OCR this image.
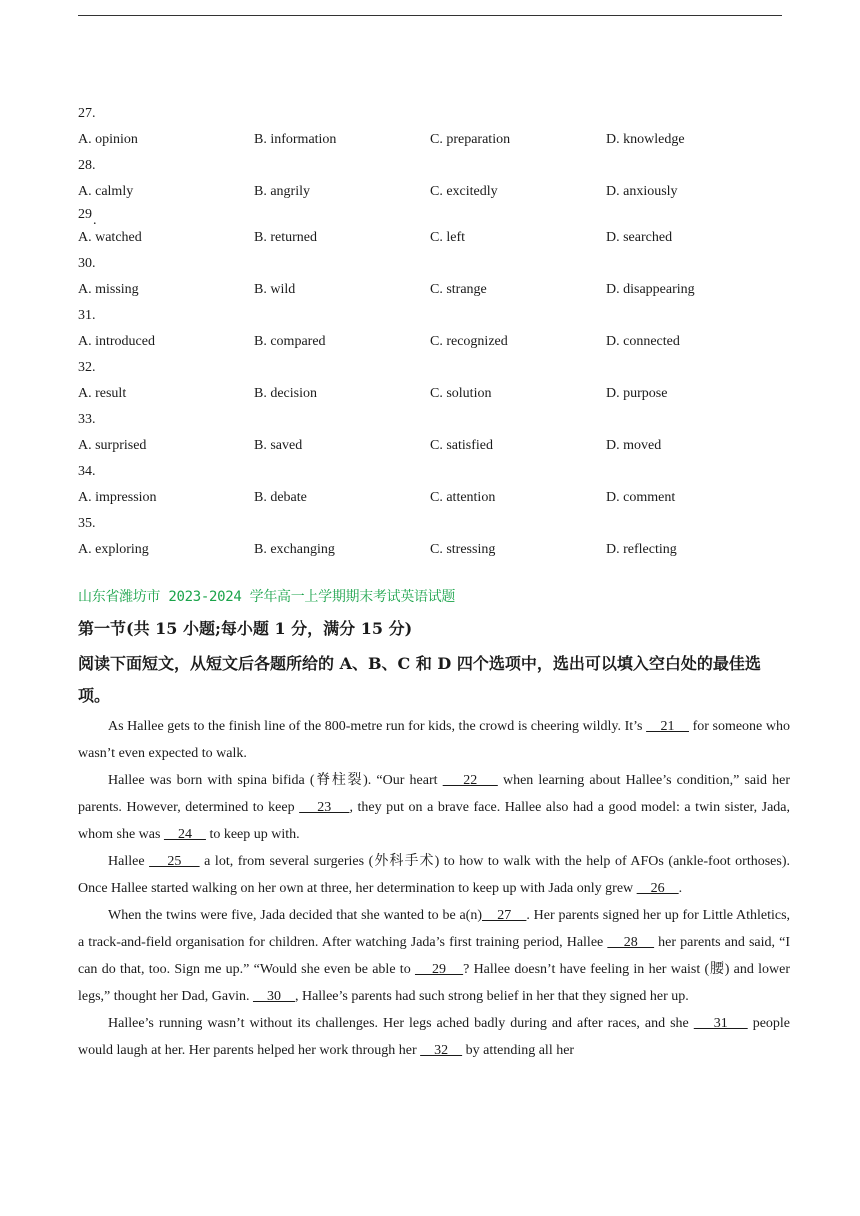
27.
A. opinion	B. information	C. preparation	D. knowledge
28.
A. calmly	B. angrily	C. excitedly	D. anxiously
29.
A. watched	B. returned	C. left	D. searched
30.
A. missing	B. wild	C. strange	D. disappearing
31.
A. introduced	B. compared	C. recognized	D. connected
32.
A. result	B. decision	C. solution	D. purpose
33.
A. surprised	B. saved	C. satisfied	D. moved
34.
A. impression	B. debate	C. attention	D. comment
35.
A. exploring	B. exchanging	C. stressing	D. reflecting
山东省潍坊市 2023-2024 学年高一上学期期末考试英语试题
第一节(共 15 小题;每小题 1 分，满分 15 分)
阅读下面短文，从短文后各题所给的 A、B、C 和 D 四个选项中，选出可以填入空白处的最佳选项。

As Hallee gets to the finish line of the 800-metre run for kids, the crowd is cheering wildly. It’s     21     for someone who wasn’t even expected to walk.

Hallee was born with spina bifida (脊柱裂). “Our heart     22     when learning about Hallee’s condition,” said her parents. However, determined to keep     23    , they put on a brave face. Hallee also had a good model: a twin sister, Jada, whom she was     24     to keep up with.

Hallee     25     a lot, from several surgeries (外科手术) to how to walk with the help of AFOs (ankle-foot orthoses). Once Hallee started walking on her own at three, her determination to keep up with Jada only grew     26    .

When the twins were five, Jada decided that she wanted to be a(n)    27    . Her parents signed her up for Little Athletics, a track-and-field organisation for children. After watching Jada’s first training period, Hallee     28     her parents and said, “I can do that, too. Sign me up.” “Would she even be able to     29    ? Hallee doesn’t have feeling in her waist (腰) and lower legs,” thought her Dad, Gavin.     30    , Hallee’s parents had such strong belief in her that they signed her up.

Hallee’s running wasn’t without its challenges. Her legs ached badly during and after races, and she     31     people would laugh at her. Her parents helped her work through her     32     by attending all her
